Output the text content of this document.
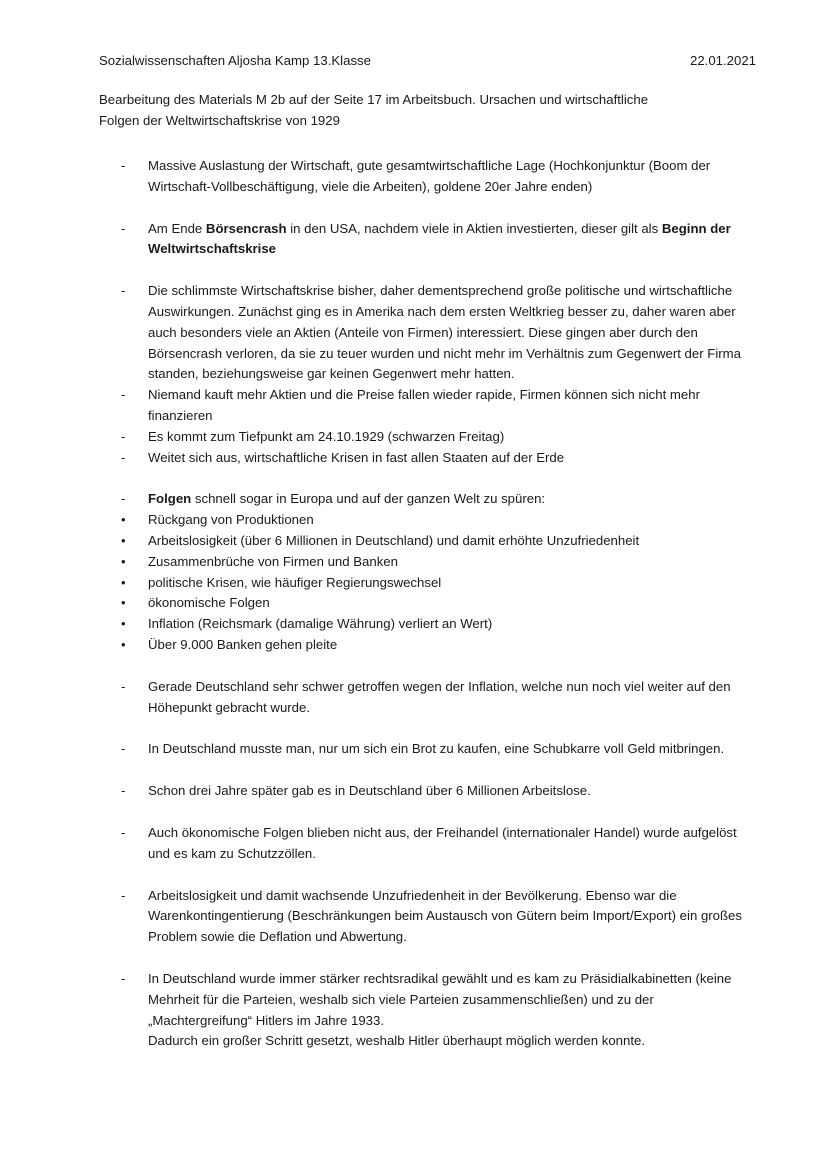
Sozialwissenschaften Aljosha Kamp 13.Klasse	22.01.2021
Bearbeitung des Materials M 2b auf der Seite 17 im Arbeitsbuch. Ursachen und wirtschaftliche
Folgen der Weltwirtschaftskrise von 1929
- Massive Auslastung der Wirtschaft, gute gesamtwirtschaftliche Lage (Hochkonjunktur (Boom der Wirtschaft-Vollbeschäftigung, viele die Arbeiten), goldene 20er Jahre enden)
- Am Ende Börsencrash in den USA, nachdem viele in Aktien investierten, dieser gilt als Beginn der Weltwirtschaftskrise
- Die schlimmste Wirtschaftskrise bisher, daher dementsprechend große politische und wirtschaftliche Auswirkungen. Zunächst ging es in Amerika nach dem ersten Weltkrieg besser zu, daher waren aber auch besonders viele an Aktien (Anteile von Firmen) interessiert. Diese gingen aber durch den Börsencrash verloren, da sie zu teuer wurden und nicht mehr im Verhältnis zum Gegenwert der Firma standen, beziehungsweise gar keinen Gegenwert mehr hatten.
- Niemand kauft mehr Aktien und die Preise fallen wieder rapide, Firmen können sich nicht mehr finanzieren
- Es kommt zum Tiefpunkt am 24.10.1929 (schwarzen Freitag)
- Weitet sich aus, wirtschaftliche Krisen in fast allen Staaten auf der Erde
- Folgen schnell sogar in Europa und auf der ganzen Welt zu spüren:
• Rückgang von Produktionen
• Arbeitslosigkeit (über 6 Millionen in Deutschland) und damit erhöhte Unzufriedenheit
• Zusammenbrüche von Firmen und Banken
• politische Krisen, wie häufiger Regierungswechsel
• ökonomische Folgen
• Inflation (Reichsmark (damalige Währung) verliert an Wert)
• Über 9.000 Banken gehen pleite
- Gerade Deutschland sehr schwer getroffen wegen der Inflation, welche nun noch viel weiter auf den Höhepunkt gebracht wurde.
- In Deutschland musste man, nur um sich ein Brot zu kaufen, eine Schubkarre voll Geld mitbringen.
- Schon drei Jahre später gab es in Deutschland über 6 Millionen Arbeitslose.
- Auch ökonomische Folgen blieben nicht aus, der Freihandel (internationaler Handel) wurde aufgelöst und es kam zu Schutzzöllen.
- Arbeitslosigkeit und damit wachsende Unzufriedenheit in der Bevölkerung. Ebenso war die Warenkontingentierung (Beschränkungen beim Austausch von Gütern beim Import/Export) ein großes Problem sowie die Deflation und Abwertung.
- In Deutschland wurde immer stärker rechtsradikal gewählt und es kam zu Präsidialkabinetten (keine Mehrheit für die Parteien, weshalb sich viele Parteien zusammenschließen) und zu der „Machtergreifung“ Hitlers im Jahre 1933.
Dadurch ein großer Schritt gesetzt, weshalb Hitler überhaupt möglich werden konnte.
